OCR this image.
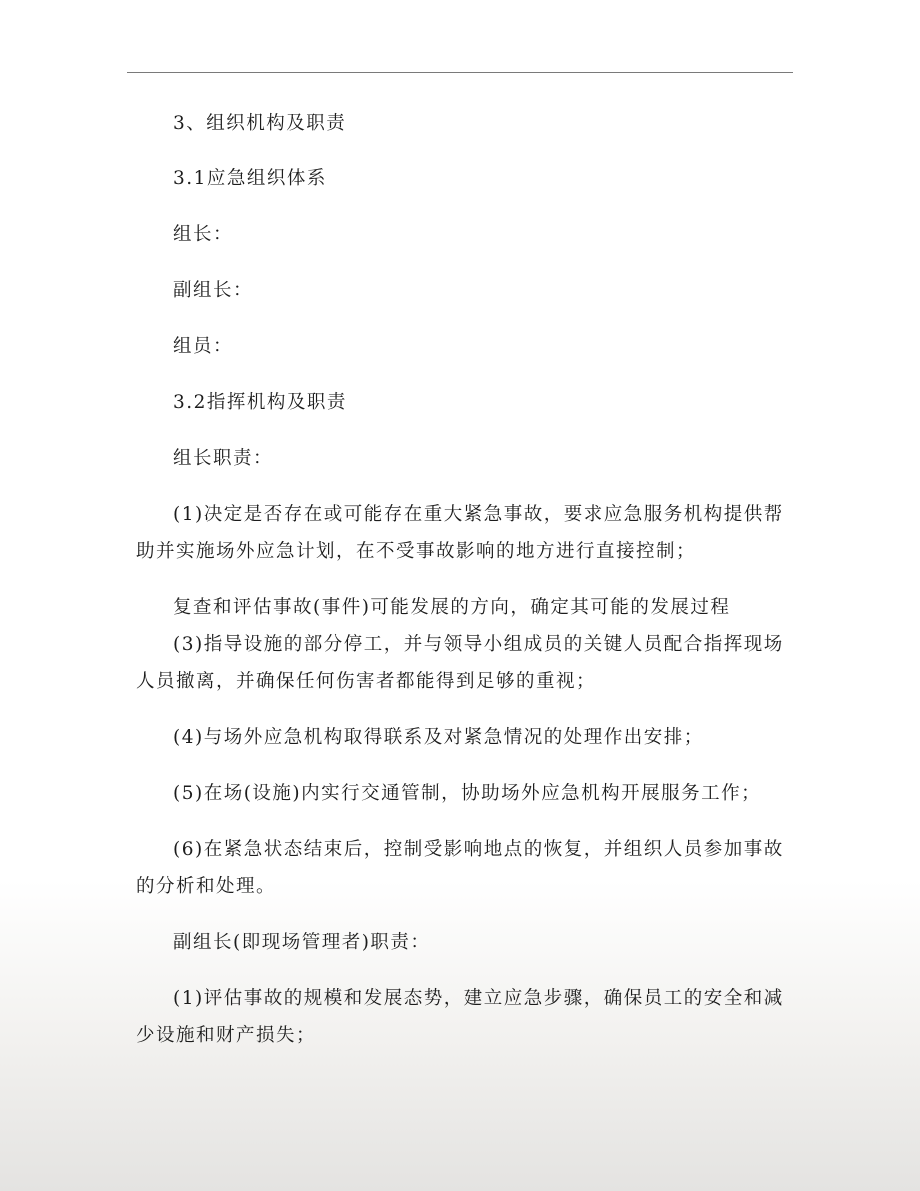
3、组织机构及职责

3.1应急组织体系

组长：

副组长：

组员：

3.2指挥机构及职责

组长职责：

(1)决定是否存在或可能存在重大紧急事故，要求应急服务机构提供帮助并实施场外应急计划，在不受事故影响的地方进行直接控制；

复查和评估事故(事件)可能发展的方向，确定其可能的发展过程

(3)指导设施的部分停工，并与领导小组成员的关键人员配合指挥现场人员撤离，并确保任何伤害者都能得到足够的重视；

(4)与场外应急机构取得联系及对紧急情况的处理作出安排；

(5)在场(设施)内实行交通管制，协助场外应急机构开展服务工作；

(6)在紧急状态结束后，控制受影响地点的恢复，并组织人员参加事故的分析和处理。

副组长(即现场管理者)职责：

(1)评估事故的规模和发展态势，建立应急步骤，确保员工的安全和减少设施和财产损失；
